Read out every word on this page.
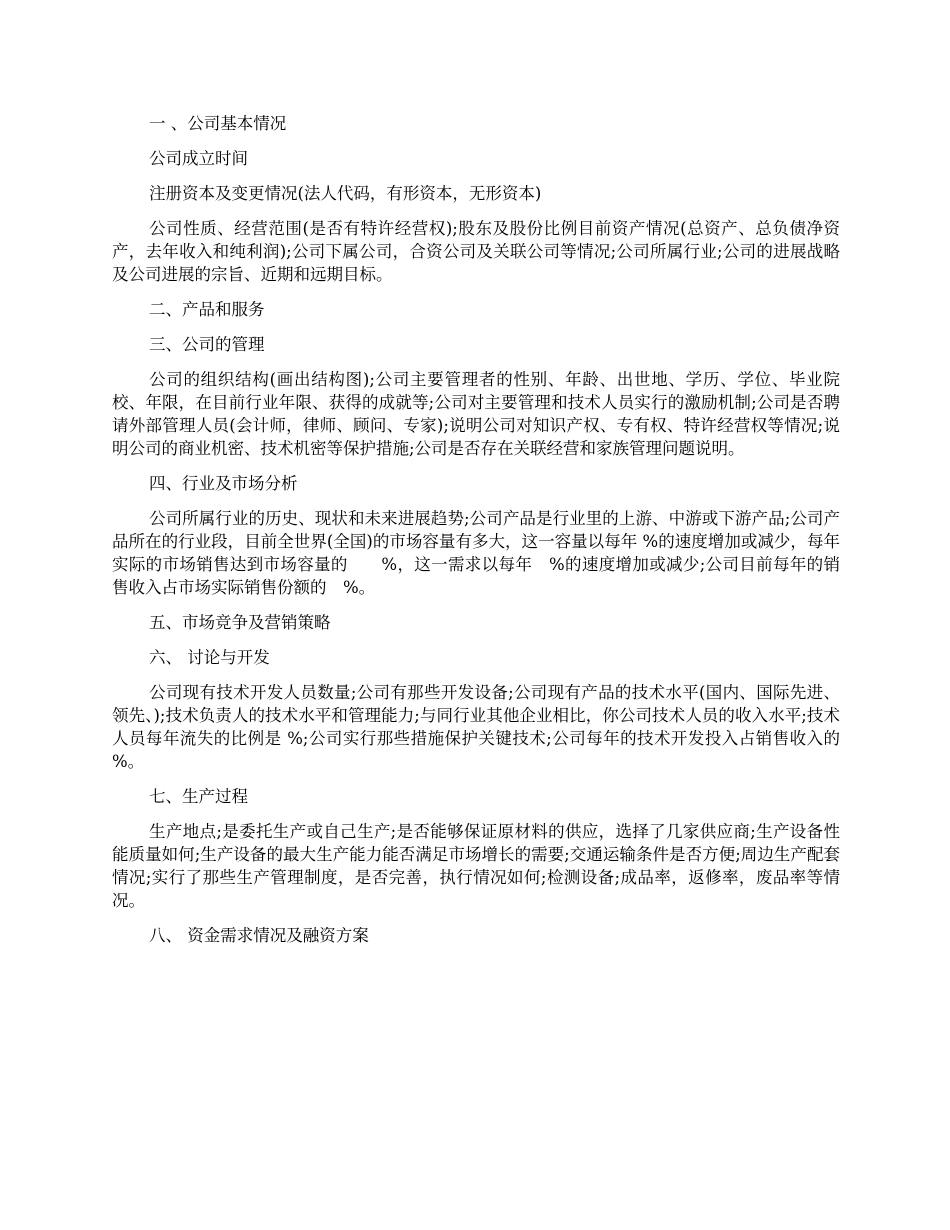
一 、公司基本情况

公司成立时间

注册资本及变更情况(法人代码，有形资本，无形资本)

公司性质、经营范围(是否有特许经营权);股东及股份比例目前资产情况(总资产、总负债净资产，去年收入和纯利润);公司下属公司，合资公司及关联公司等情况;公司所属行业;公司的进展战略及公司进展的宗旨、近期和远期目标。

二、产品和服务

三、公司的管理

公司的组织结构(画出结构图);公司主要管理者的性别、年龄、出世地、学历、学位、毕业院校、年限，在目前行业年限、获得的成就等;公司对主要管理和技术人员实行的激励机制;公司是否聘请外部管理人员(会计师，律师、顾问、专家);说明公司对知识产权、专有权、特许经营权等情况;说明公司的商业机密、技术机密等保护措施;公司是否存在关联经营和家族管理问题说明。

四、行业及市场分析

公司所属行业的历史、现状和未来进展趋势;公司产品是行业里的上游、中游或下游产品;公司产品所在的行业段，目前全世界(全国)的市场容量有多大，这一容量以每年 %的速度增加或减少，每年实际的市场销售达到市场容量的　　%，这一需求以每年　%的速度增加或减少;公司目前每年的销售收入占市场实际销售份额的　%。

五、市场竞争及营销策略

六、 讨论与开发

公司现有技术开发人员数量;公司有那些开发设备;公司现有产品的技术水平(国内、国际先进、领先、);技术负责人的技术水平和管理能力;与同行业其他企业相比，你公司技术人员的收入水平;技术人员每年流失的比例是 %;公司实行那些措施保护关键技术;公司每年的技术开发投入占销售收入的 %。

七、生产过程

生产地点;是委托生产或自己生产;是否能够保证原材料的供应，选择了几家供应商;生产设备性能质量如何;生产设备的最大生产能力能否满足市场增长的需要;交通运输条件是否方便;周边生产配套情况;实行了那些生产管理制度，是否完善，执行情况如何;检测设备;成品率，返修率，废品率等情况。

八、 资金需求情况及融资方案
